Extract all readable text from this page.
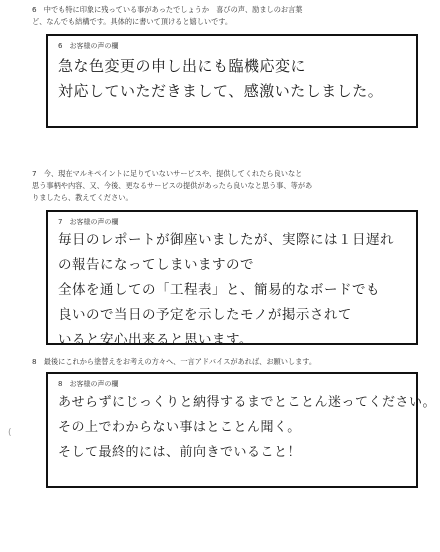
6　中でも特に印象に残っている事があったでしょうか　喜びの声、励ましのお言葉
ど、なんでも結構です。具体的に書いて頂けると嬉しいです。
6　お客様の声の欄
急な色変更の申し出にも臨機応変に
対応していただきまして、感激いたしました。
7　今、現在マルキペイントに足りていないサービスや、提供してくれたら良いなと
思う事柄や内容、又、今後、更なるサービスの提供があったら良いなと思う事、等があ
りましたら、教えてください。
7　お客様の声の欄
毎日のレポートが御座いましたが、実際には１日遅れ
の報告になってしまいますので
全体を通しての「工程表」と、簡易的なボードでも
良いので当日の予定を示したモノが掲示されて
いると安心出来ると思います。
8　最後にこれから塗替えをお考えの方々へ、一言アドバイスがあれば、お願いします。
8　お客様の声の欄
あせらずにじっくりと納得するまでとことん迷ってください。
その上でわからない事はとことん聞く。
そして最終的には、前向きでいること！
(
